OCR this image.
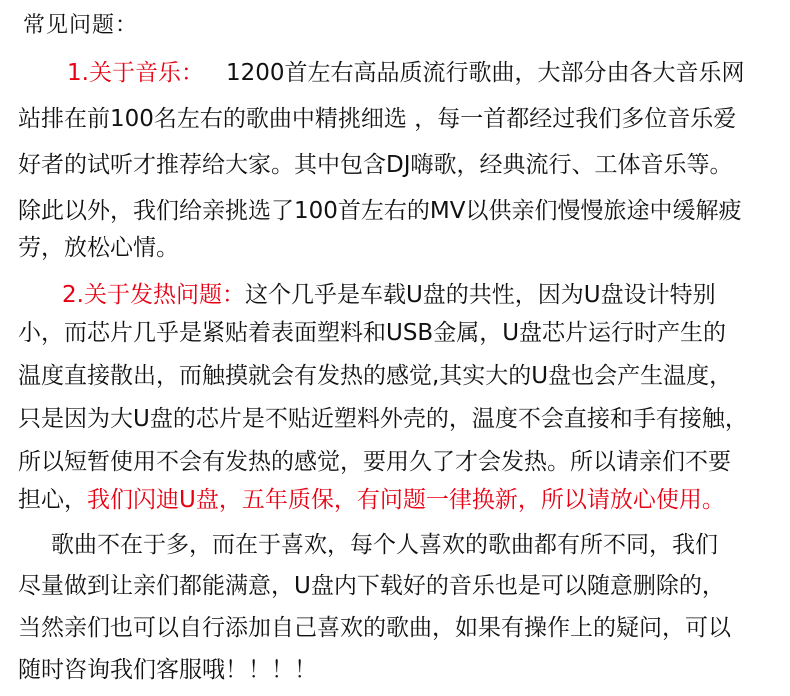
常见问题：
1.关于音乐： 1200首左右高品质流行歌曲，大部分由各大音乐网
站排在前100名左右的歌曲中精挑细选 ，每一首都经过我们多位音乐爱
好者的试听才推荐给大家。其中包含DJ嗨歌，经典流行、工体音乐等。
除此以外，我们给亲挑选了100首左右的MV以供亲们慢慢旅途中缓解疲
劳，放松心情。
2.关于发热问题：这个几乎是车载U盘的共性，因为U盘设计特别
小，而芯片几乎是紧贴着表面塑料和USB金属，U盘芯片运行时产生的
温度直接散出，而触摸就会有发热的感觉,其实大的U盘也会产生温度，
只是因为大U盘的芯片是不贴近塑料外壳的，温度不会直接和手有接触，
所以短暂使用不会有发热的感觉，要用久了才会发热。所以请亲们不要
担心，我们闪迪U盘，五年质保，有问题一律换新，所以请放心使用。
歌曲不在于多，而在于喜欢，每个人喜欢的歌曲都有所不同，我们
尽量做到让亲们都能满意，U盘内下载好的音乐也是可以随意删除的，
当然亲们也可以自行添加自己喜欢的歌曲，如果有操作上的疑问，可以
随时咨询我们客服哦！！！！
